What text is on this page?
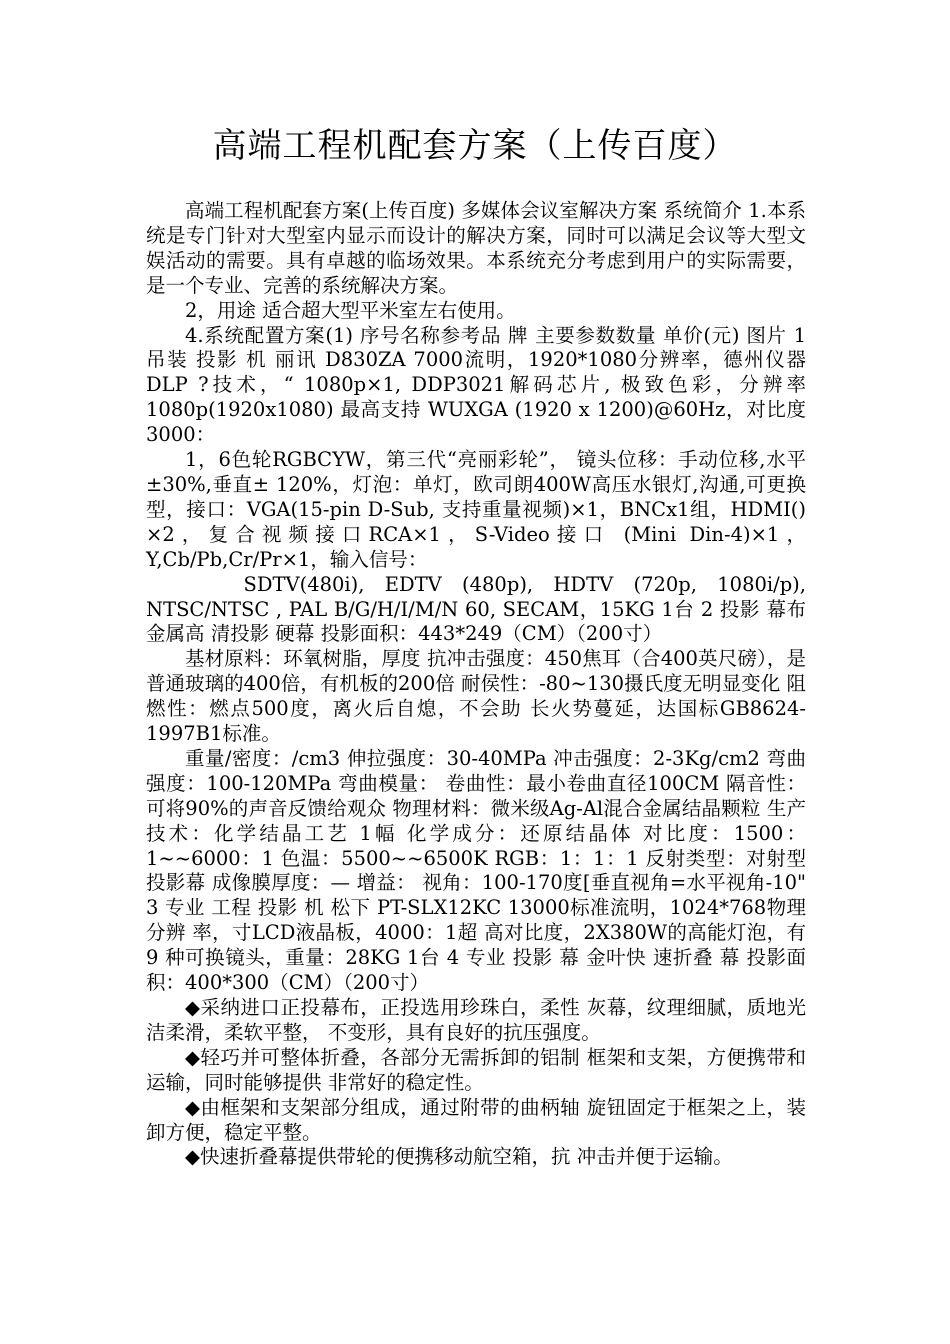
高端工程机配套方案（上传百度）

高端工程机配套方案(上传百度) 多媒体会议室解决方案 系统简介 1.本系统是专门针对大型室内显示而设计的解决方案，同时可以满足会议等大型文娱活动的需要。具有卓越的临场效果。本系统充分考虑到用户的实际需要，是一个专业、完善的系统解决方案。

2，用途 适合超大型平米室左右使用。

4.系统配置方案(1) 序号名称参考品 牌 主要参数数量 单价(元) 图片 1 吊装 投影 机 丽讯 D830ZA 7000流明，1920*1080分辨率，德州仪器DLP ?技术，“ 1080p×1, DDP3021解码芯片, 极致色彩，分辨率 1080p(1920x1080) 最高支持 WUXGA (1920 x 1200)@60Hz，对比度3000：

1，6色轮RGBCYW，第三代“亮丽彩轮”， 镜头位移：手动位移,水平±30%,垂直± 120%，灯泡：单灯，欧司朗400W高压水银灯,沟通,可更换型，接口：VGA(15-pin D-Sub, 支持重量视频)×1，BNCx1组，HDMI() ×2，复合视频接口RCA×1，S-Video接口 (Mini Din-4)×1，Y,Cb/Pb,Cr/Pr×1，输入信号：

SDTV(480i), EDTV (480p), HDTV (720p, 1080i/p), NTSC/NTSC , PAL B/G/H/I/M/N 60, SECAM，15KG 1台 2 投影 幕布 金属高 清投影 硬幕 投影面积：443*249（CM）（200寸）

基材原料：环氧树脂，厚度 抗冲击强度：450焦耳（合400英尺磅），是 普通玻璃的400倍，有机板的200倍 耐侯性：-80~130摄氏度无明显变化 阻燃性：燃点500度，离火后自熄，不会助 长火势蔓延，达国标GB8624-1997B1标准。

重量/密度：/cm3 伸拉强度：30-40MPa 冲击强度：2-3Kg/cm2 弯曲强度：100-120MPa 弯曲模量： 卷曲性：最小卷曲直径100CM 隔音性：可将90%的声音反馈给观众 物理材料：微米级Ag-Al混合金属结晶颗粒 生产技术：化学结晶工艺 1幅 化学成分：还原结晶体 对比度：1500：1~~6000：1 色温：5500~~6500K RGB：1：1：1 反射类型：对射型投影幕 成像膜厚度：— 增益： 视角：100-170度[垂直视角=水平视角-10" 3 专业 工程 投影 机 松下 PT-SLX12KC 13000标准流明，1024*768物理分辨 率，寸LCD液晶板，4000：1超 高对比度，2X380W的高能灯泡，有9 种可换镜头，重量：28KG 1台 4 专业 投影 幕 金叶快 速折叠 幕 投影面积：400*300（CM）（200寸）

◆采纳进口正投幕布，正投选用珍珠白，柔性 灰幕，纹理细腻，质地光洁柔滑，柔软平整， 不变形，具有良好的抗压强度。

◆轻巧并可整体折叠，各部分无需拆卸的铝制 框架和支架，方便携带和运输，同时能够提供 非常好的稳定性。

◆由框架和支架部分组成，通过附带的曲柄轴 旋钮固定于框架之上，装卸方便，稳定平整。

◆快速折叠幕提供带轮的便携移动航空箱，抗 冲击并便于运输。
